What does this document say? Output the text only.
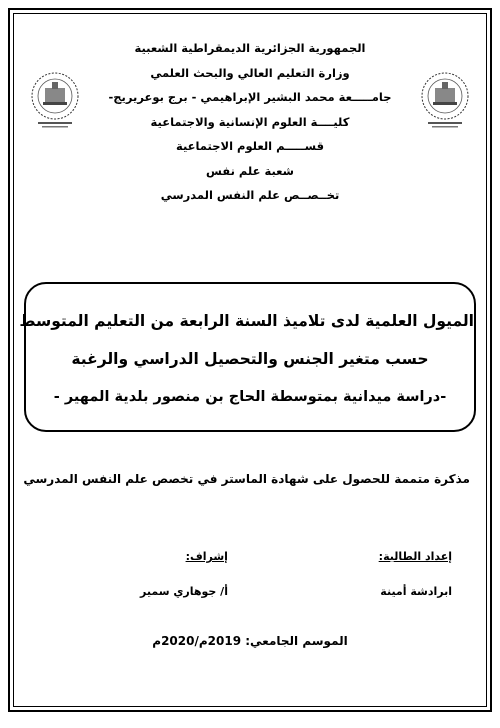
الجمهورية الجزائرية الديمقراطية الشعبية
وزارة التعليم العالي والبحث العلمي
جامـــــعة محمد البشير الإبراهيمي - برج بوعريريج-
كليــــة العلوم الإنسانية والاجتماعية
قســـــم العلوم الاجتماعية
شعبة علم نفس
تخــصــص علم النفس المدرسي
الميول العلمية لدى تلاميذ السنة الرابعة من التعليم المتوسط
حسب متغير الجنس والتحصيل الدراسي والرغبة
-دراسة ميدانية بمتوسطة الحاج بن منصور بلدية المهير -
مذكرة متممة للحصول على شهادة الماستر في تخصص علم النفس المدرسي
إعداد الطالبة:
ابرادشة أمينة
إشراف:
أ/ جوهاري سمير
الموسم الجامعي: 2019م/2020م
